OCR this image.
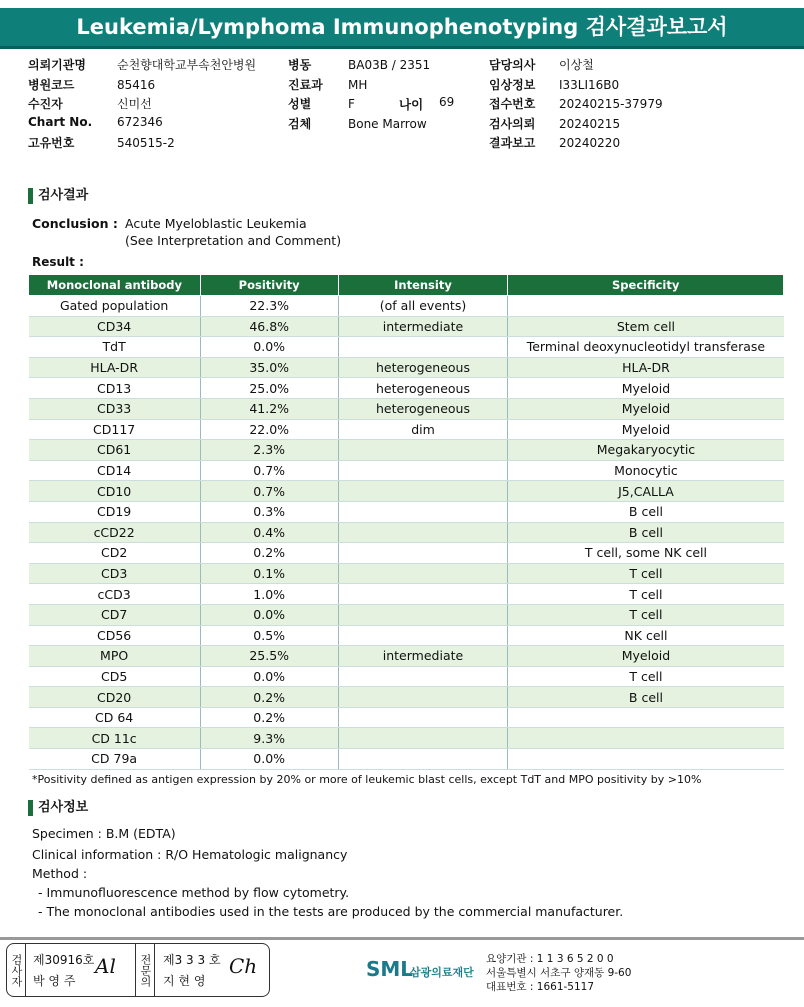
Leukemia/Lymphoma Immunophenotyping 검사결과보고서
의뢰기관명	순천향대학교부속천안병원
병원코드	85416
수진자	신미선
Chart No. 672346
고유번호	540515-2
병동	BA03B / 2351
진료과 MH
성별	F
검체	Bone Marrow
담당의사 이상철
임상정보 I33LI16B0
접수번호 20240215-37979
검사의뢰 20240215
결과보고 20240220
나이 69
검사결과
Conclusion : Acute Myeloblastic Leukemia
(See Interpretation and Comment)
Result :
Monoclonal antibody	Positivity	Intensity	Specificity
Gated population	22.3%	(of all events)	
CD34	46.8%	intermediate	Stem cell
TdT	0.0%		Terminal deoxynucleotidyl transferase
HLA-DR	35.0%	heterogeneous	HLA-DR
CD13	25.0%	heterogeneous	Myeloid
CD33	41.2%	heterogeneous	Myeloid
CD117	22.0%	dim	Myeloid
CD61	2.3%		Megakaryocytic
CD14	0.7%		Monocytic
CD10	0.7%		J5,CALLA
CD19	0.3%		B cell
cCD22	0.4%		B cell
CD2	0.2%		T cell, some NK cell
CD3	0.1%		T cell
cCD3	1.0%		T cell
CD7	0.0%		T cell
CD56	0.5%		NK cell
MPO	25.5%	intermediate	Myeloid
CD5	0.0%		T cell
CD20	0.2%		B cell
CD 64	0.2%		
CD 11c	9.3%		
CD 79a	0.0%		
*Positivity defined as antigen expression by 20% or more of leukemic blast cells, except TdT and MPO positivity by >10%
검사정보
Specimen : B.M (EDTA)
Clinical information : R/O Hematologic malignancy
Method :
- Immunofluorescence method by flow cytometry.
- The monoclonal antibodies used in the tests are produced by the commercial manufacturer.
검사자 제30916호
박 영 주
Al	전문의 제3 3 3 호
지 현 영
Ch	SML
삼광의료재단
요양기관 : 1 1 3 6 5 2 0 0
서울특별시 서초구 양재동 9-60
대표번호 : 1661-5117
